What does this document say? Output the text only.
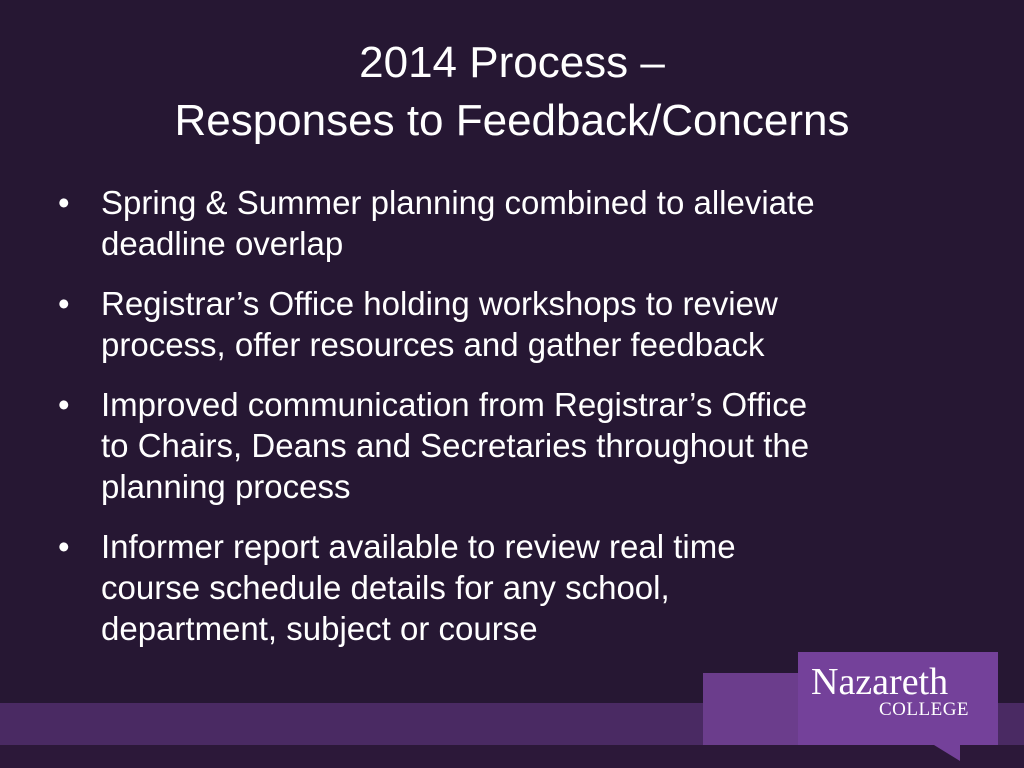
2014 Process –
Responses to Feedback/Concerns
• Spring & Summer planning combined to alleviate
deadline overlap
• Registrar’s Office holding workshops to review
process, offer resources and gather feedback
• Improved communication from Registrar’s Office
to Chairs, Deans and Secretaries throughout the
planning process
• Informer report available to review real time
course schedule details for any school,
department, subject or course
Nazareth
COLLEGE
